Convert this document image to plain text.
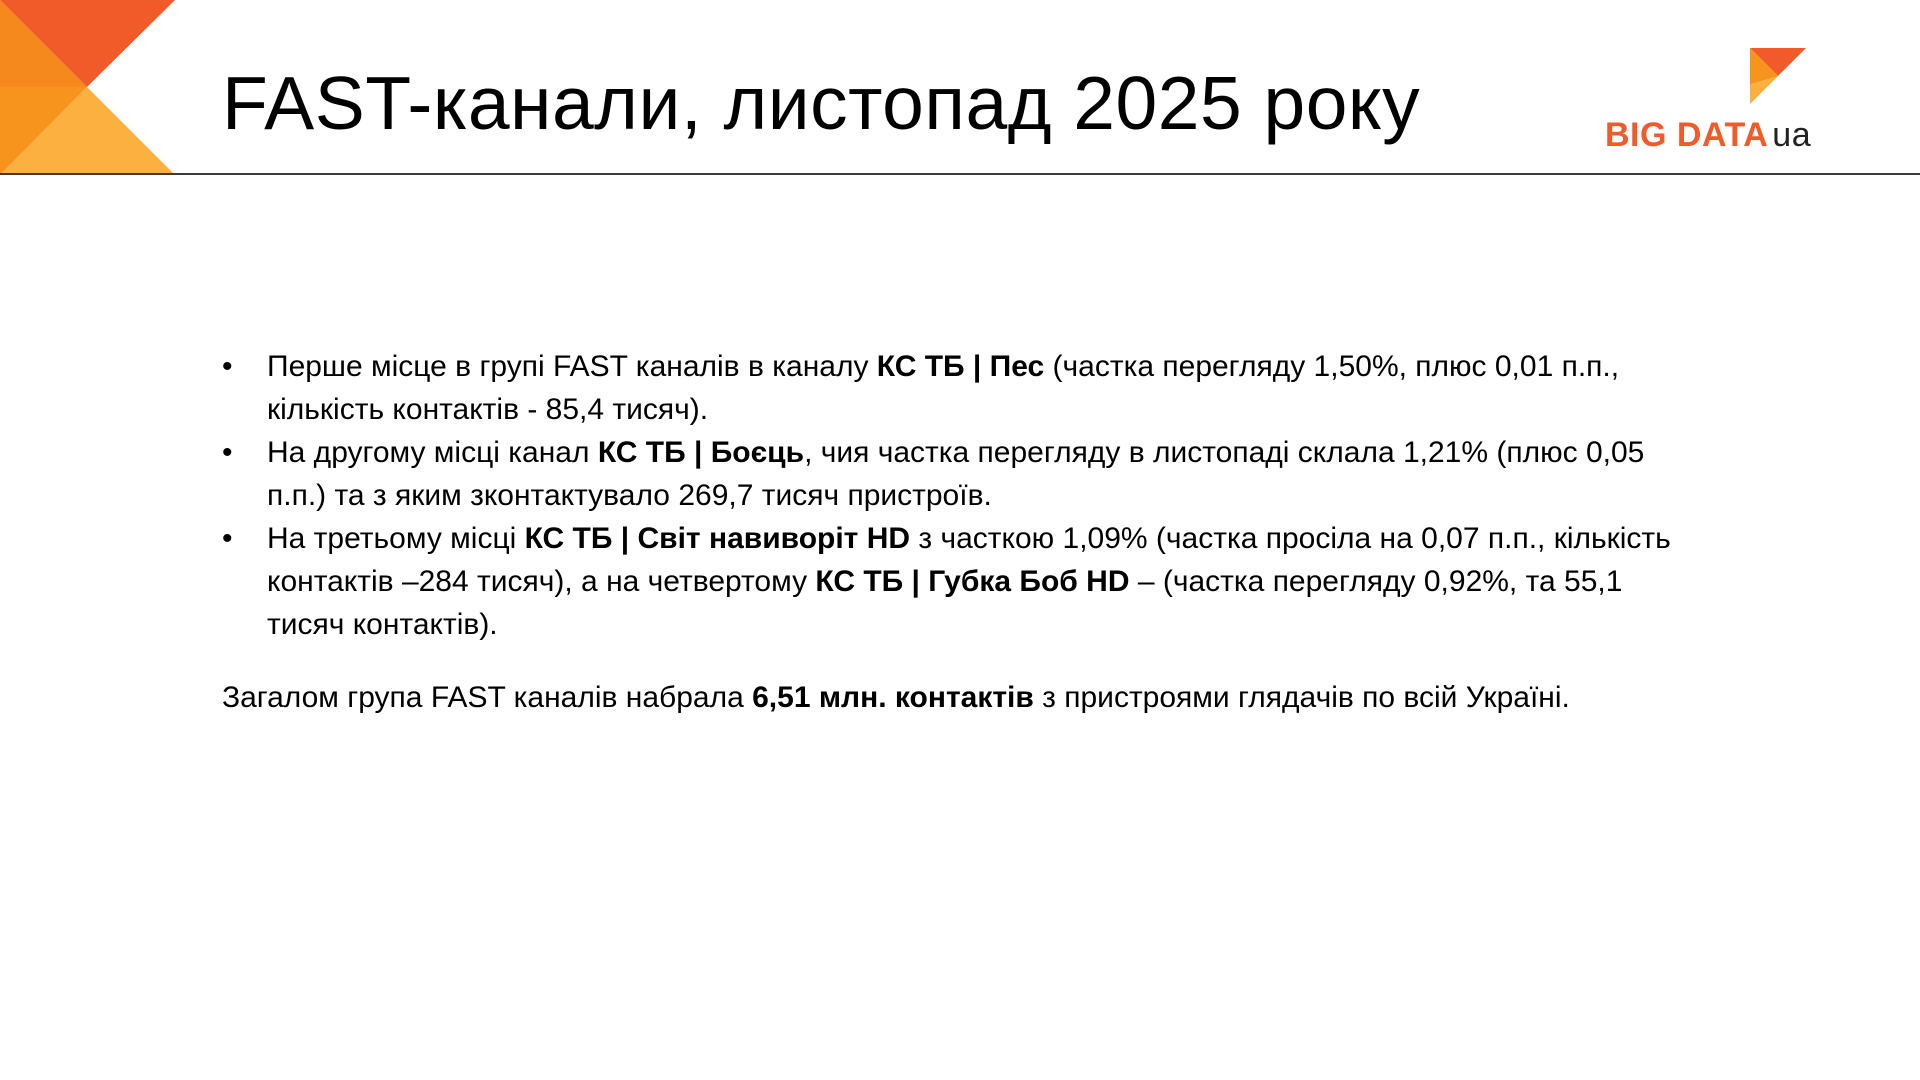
FAST-канали, листопад 2025 року	BIG DATA ua
• Перше місце в групі FAST каналів в каналу КС ТБ | Пес (частка перегляду 1,50%, плюс 0,01 п.п., кількість контактів - 85,4 тисяч).
• На другому місці канал КС ТБ | Боєць, чия частка перегляду в листопаді склала 1,21% (плюс 0,05 п.п.) та з яким зконтактувало 269,7 тисяч пристроїв.
• На третьому місці КС ТБ | Світ навиворіт HD з часткою 1,09% (частка просіла на 0,07 п.п., кількість контактів –284 тисяч), а на четвертому КС ТБ | Губка Боб HD – (частка перегляду 0,92%, та 55,1 тисяч контактів).

Загалом група FAST каналів набрала 6,51 млн. контактів з пристроями глядачів по всій Україні.
